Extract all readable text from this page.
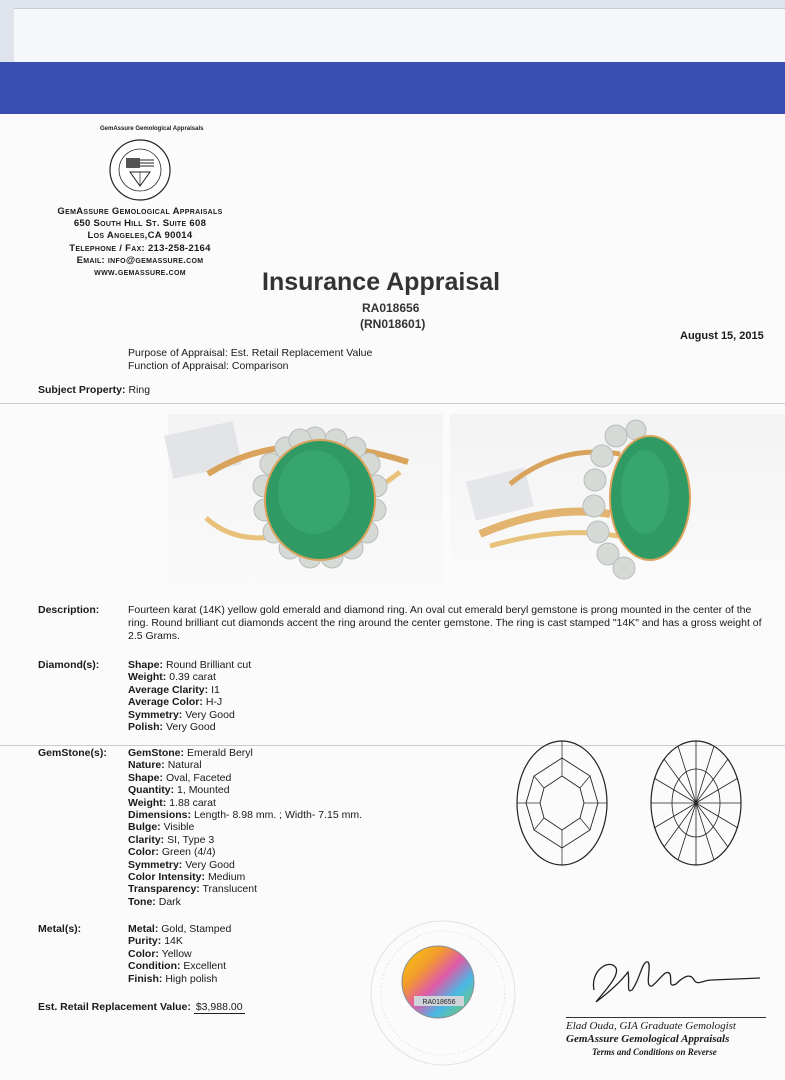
GemAssure Gemological Appraisals
GemAssure Gemological Appraisals
650 South Hill St. Suite 608
Los Angeles,CA 90014
Telephone / Fax: 213-258-2164
Email: info@gemassure.com
www.gemassure.com	Insurance Appraisal
RA018656
(RN018601)
August 15, 2015
Purpose of Appraisal: Est. Retail Replacement Value
Function of Appraisal: Comparison
Subject Property: Ring
Description:	Fourteen karat (14K) yellow gold emerald and diamond ring. An oval cut emerald beryl gemstone is prong mounted in the center of the ring. Round brilliant cut diamonds accent the ring around the center gemstone. The ring is cast stamped "14K" and has a gross weight of 2.5 Grams.
Diamond(s):	Shape: Round Brilliant cut
Weight: 0.39 carat
Average Clarity: I1
Average Color: H-J
Symmetry: Very Good
Polish: Very Good
GemStone(s): GemStone: Emerald Beryl
Nature: Natural
Shape: Oval, Faceted
Quantity: 1, Mounted
Weight: 1.88 carat
Dimensions: Length- 8.98 mm. ; Width- 7.15 mm.
Bulge: Visible
Clarity: SI, Type 3
Color: Green (4/4)
Symmetry: Very Good
Color Intensity: Medium
Transparency: Translucent
Tone: Dark
Metal(s):	Metal: Gold, Stamped
Purity: 14K
Color: Yellow
Condition: Excellent
Finish: High polish
Est. Retail Replacement Value: $3,988.00	RA018656
Elad Ouda, GIA Graduate Gemologist
GemAssure Gemological Appraisals
Terms and Conditions on Reverse
